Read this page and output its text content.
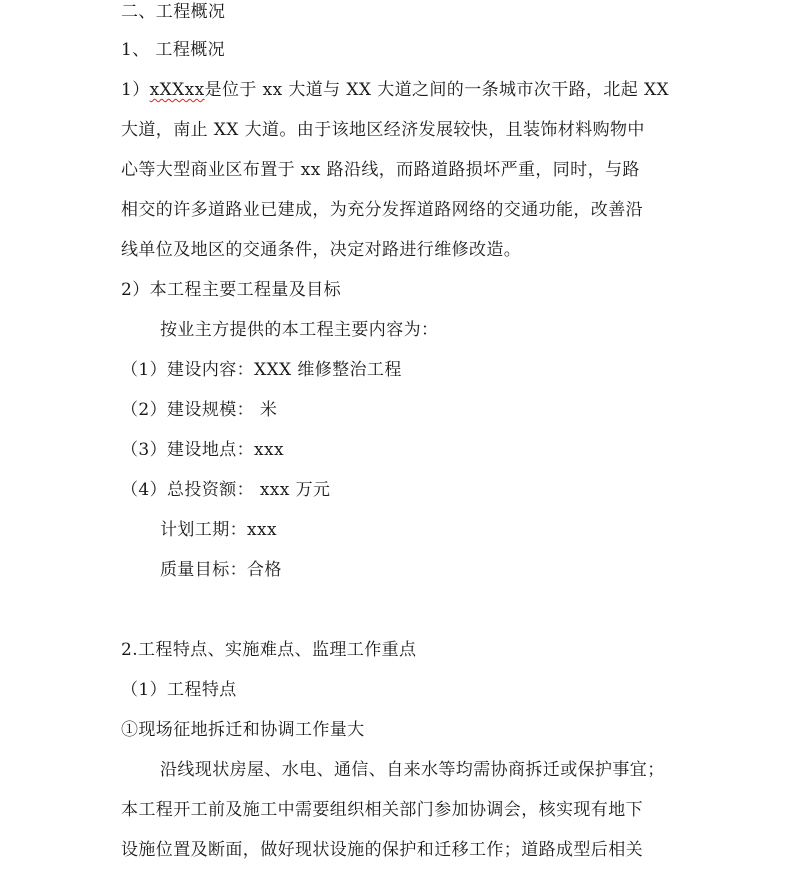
二、工程概况
1、 工程概况
1）xXXxx是位于 xx 大道与 XX 大道之间的一条城市次干路，北起 XX
大道，南止 XX 大道。由于该地区经济发展较快，且装饰材料购物中
心等大型商业区布置于 xx 路沿线，而路道路损坏严重，同时，与路
相交的许多道路业已建成，为充分发挥道路网络的交通功能，改善沿
线单位及地区的交通条件，决定对路进行维修改造。
2）本工程主要工程量及目标
按业主方提供的本工程主要内容为：
（1）建设内容：XXX 维修整治工程
（2）建设规模： 米
（3）建设地点：xxx
（4）总投资额： xxx 万元
计划工期：xxx
质量目标：合格
2.工程特点、实施难点、监理工作重点
（1）工程特点
①现场征地拆迁和协调工作量大
沿线现状房屋、水电、通信、自来水等均需协商拆迁或保护事宜；
本工程开工前及施工中需要组织相关部门参加协调会，核实现有地下
设施位置及断面，做好现状设施的保护和迁移工作；道路成型后相关
